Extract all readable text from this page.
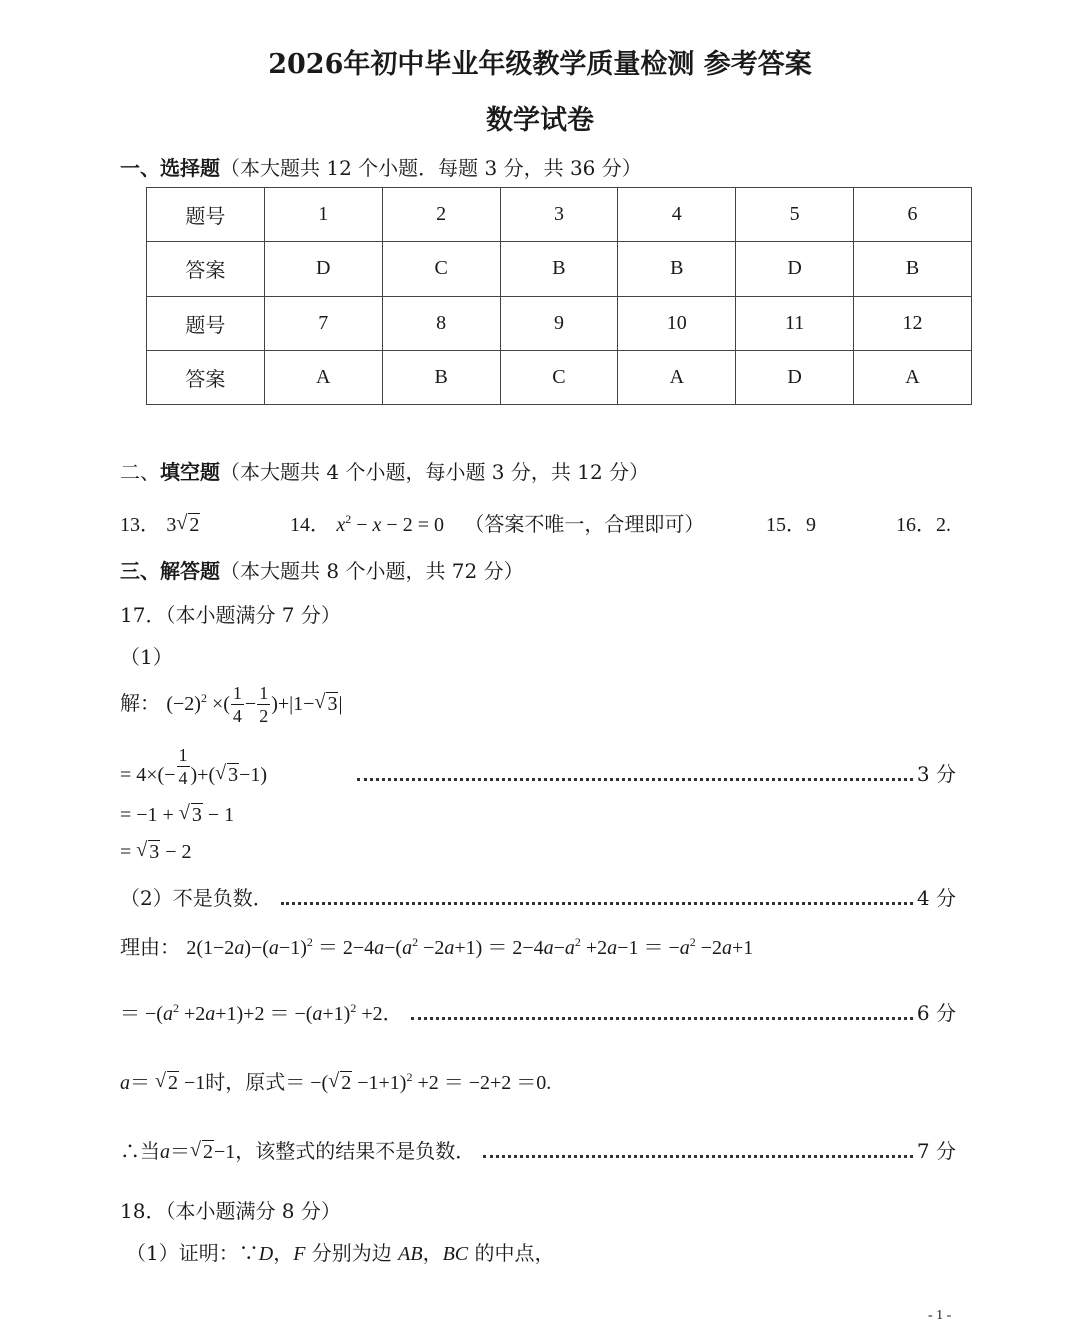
2026年初中毕业年级教学质量检测 参考答案
数学试卷
一、选择题（本大题共 12 个小题．每题 3 分，共 36 分）
题号	1	2	3	4	5	6
答案	D	C	B	B	D	B
题号	7	8	9	10	11	12
答案	A	B	C	A	D	A
二、填空题（本大题共 4 个小题，每小题 3 分，共 12 分）
13． 3 √ 2	14． $x^2 - x - 2 = 0$ （答案不唯一，合理即可）	15．9	16．2.
三、解答题（本大题共 8 个小题，共 72 分）
17．（本小题满分 7 分）
（1）
解： $(-2)^2$ ×( $\frac{1}{4} - \frac{1}{2} )+|1-$ √ 3|
= $4\times(- \frac{1}{4}$ )+( √ 3 −1)	3 分
= −1 + √ 3 − 1
= √ 3 − 2
（2）不是负数．	4 分
理由： $2(1-2a)-(a-1)^2 = 2-4a-(a^2 -2a+1) = 2-4a-a^2 +2a-1 = -a^2 -2a+1$
＝ $-(a^2 +2a+1)+2 = -(a+1)^2 +2$．	6 分
a＝ √ 2 −1时，原式＝ −( √ 2 −1+1)$^2$ +2 ＝ −2+2 ＝0.
∴当 a＝ √ 2 −1 ，该整式的结果不是负数．	7 分
18．（本小题满分 8 分）
（1）证明：∵D，F 分别为边 AB，BC 的中点，
- 1 -
